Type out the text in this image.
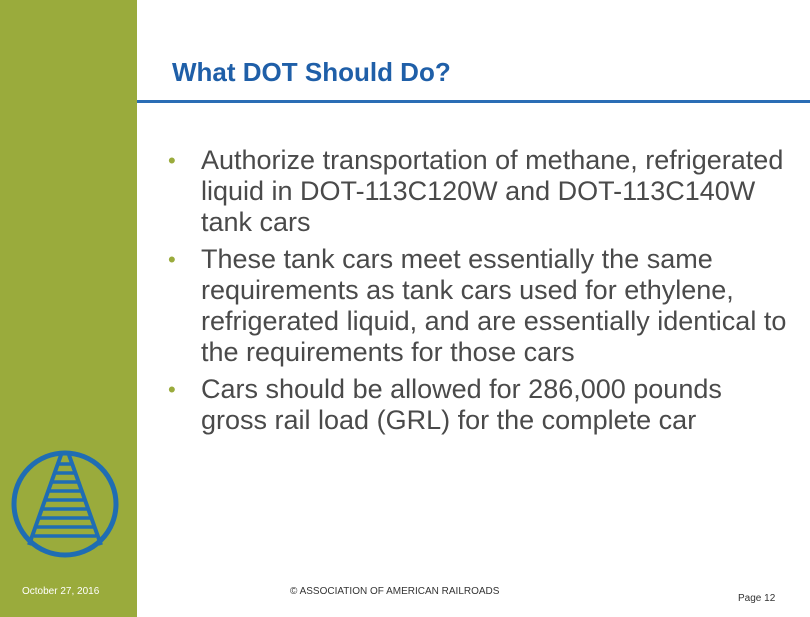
What DOT Should Do?
• Authorize transportation of methane, refrigerated liquid in DOT-113C120W and DOT-113C140W tank cars
• These tank cars meet essentially the same requirements as tank cars used for ethylene, refrigerated liquid, and are essentially identical to the requirements for those cars
• Cars should be allowed for 286,000 pounds gross rail load (GRL) for the complete car
October 27, 2016	© ASSOCIATION OF AMERICAN RAILROADS
Page 12
